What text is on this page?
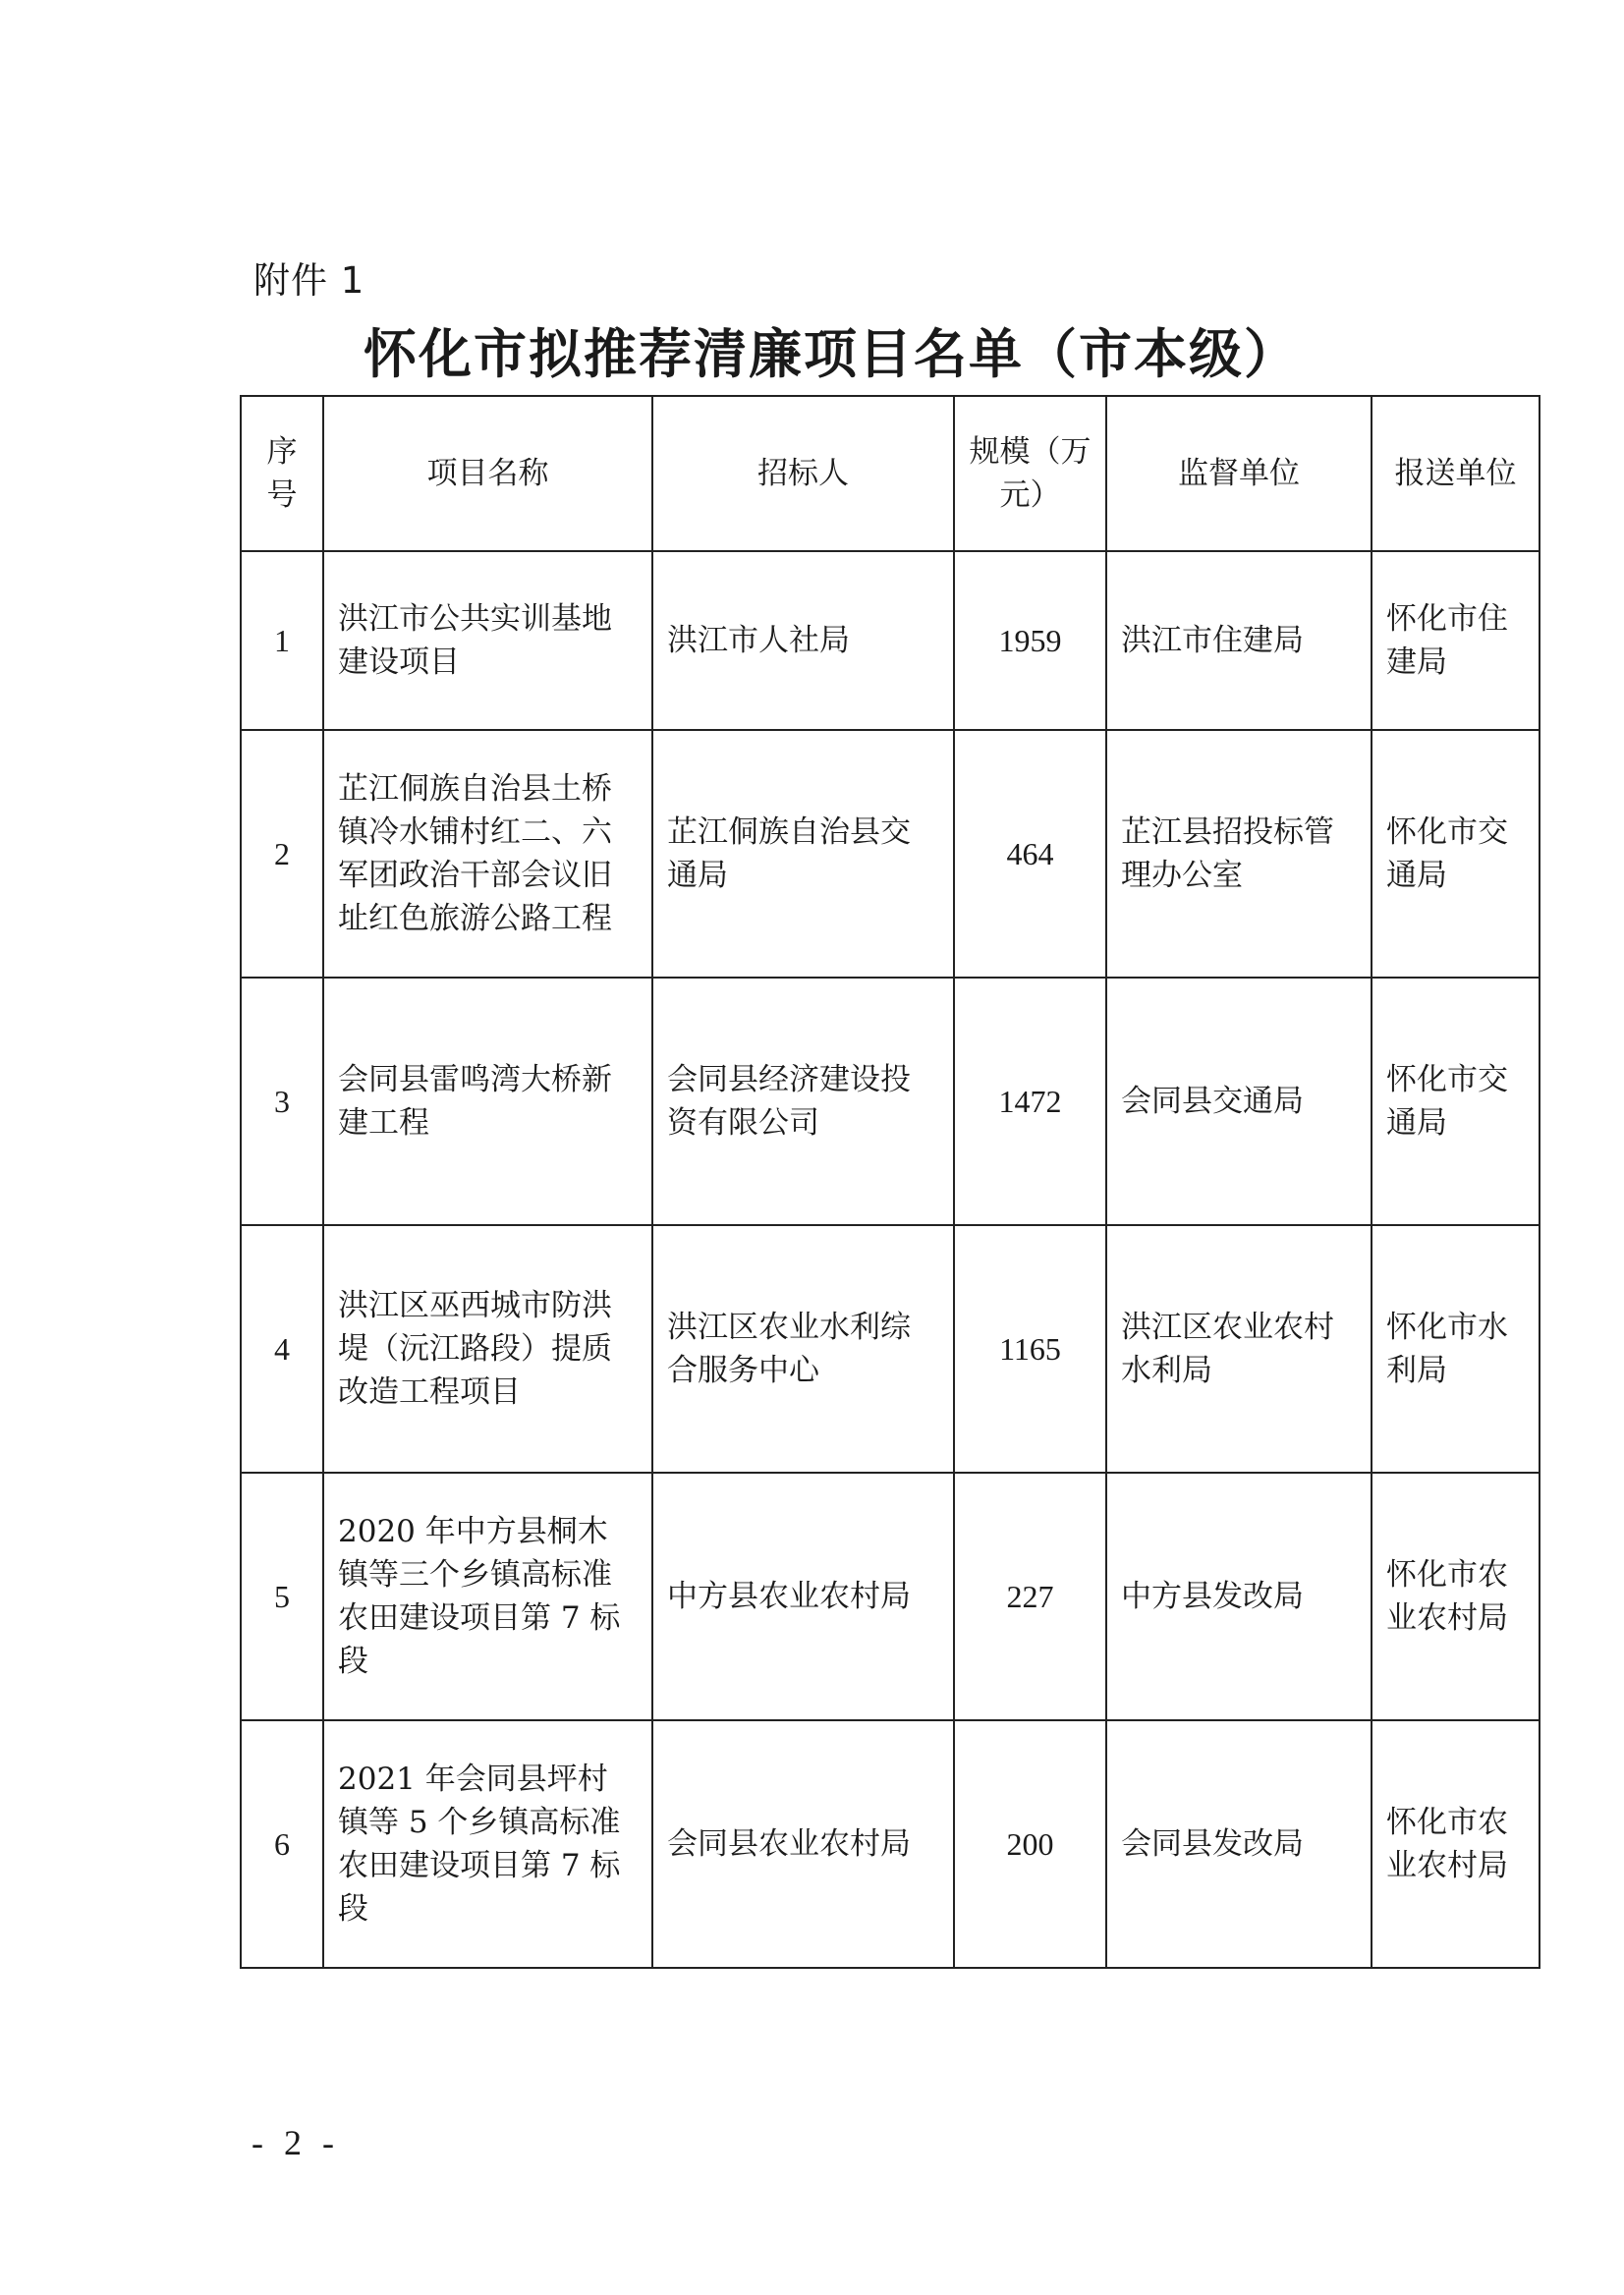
附件 1
怀化市拟推荐清廉项目名单（市本级）
序号	项目名称	招标人	规模（万元）	监督单位	报送单位
1	洪江市公共实训基地建设项目	洪江市人社局	1959	洪江市住建局	怀化市住建局
2	芷江侗族自治县土桥镇冷水铺村红二、六军团政治干部会议旧址红色旅游公路工程	芷江侗族自治县交通局	464	芷江县招投标管理办公室	怀化市交通局
3	会同县雷鸣湾大桥新建工程	会同县经济建设投资有限公司	1472	会同县交通局	怀化市交通局
4	洪江区巫西城市防洪堤（沅江路段）提质改造工程项目	洪江区农业水利综合服务中心	1165	洪江区农业农村水利局	怀化市水利局
5	2020 年中方县桐木镇等三个乡镇高标准农田建设项目第 7 标段	中方县农业农村局	227	中方县发改局	怀化市农业农村局
6	2021 年会同县坪村镇等 5 个乡镇高标准农田建设项目第 7 标段	会同县农业农村局	200	会同县发改局	怀化市农业农村局
- 2 -
